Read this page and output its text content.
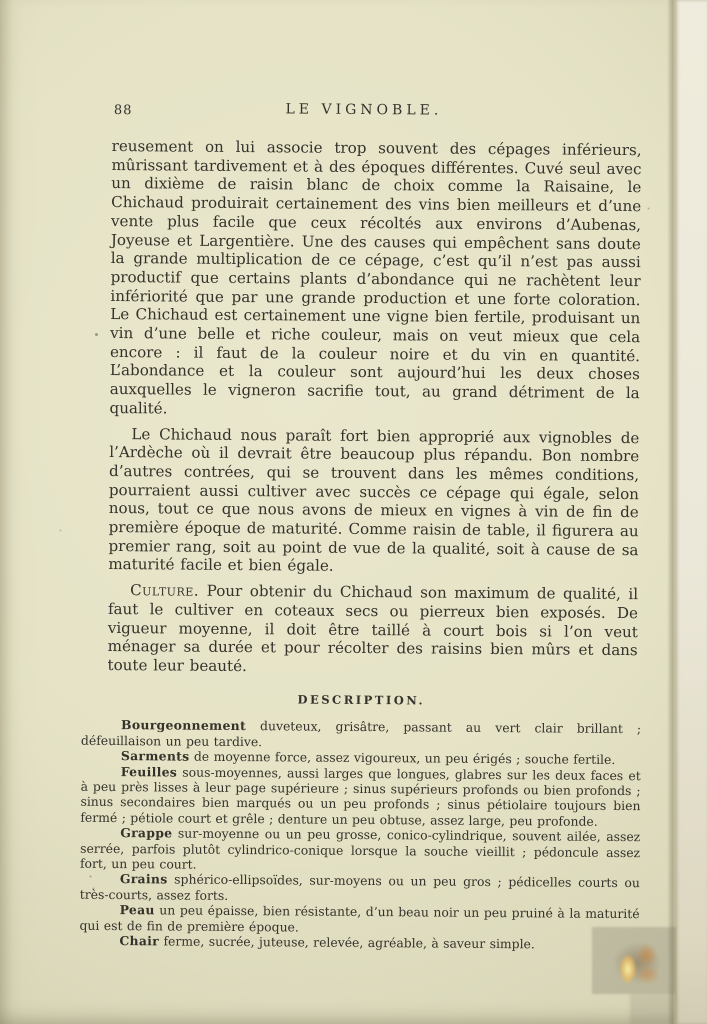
88	LE VIGNOBLE.

reusement on lui associe trop souvent des cépages inférieurs, mûrissant tardivement et à des époques différentes. Cuvé seul avec un dixième de raisin blanc de choix comme la Raisaine, le Chichaud produirait certainement des vins bien meilleurs et d’une vente plus facile que ceux récoltés aux environs d’Aubenas, Joyeuse et Largentière. Une des causes qui empêchent sans doute la grande multiplication de ce cépage, c’est qu’il n’est pas aussi productif que certains plants d’abondance qui ne rachètent leur infériorité que par une grande production et une forte coloration. Le Chichaud est certainement une vigne bien fertile, produisant un vin d’une belle et riche couleur, mais on veut mieux que cela encore : il faut de la couleur noire et du vin en quantité. L’abondance et la couleur sont aujourd’hui les deux choses auxquelles le vigneron sacrifie tout, au grand détriment de la qualité.

Le Chichaud nous paraît fort bien approprié aux vignobles de l’Ardèche où il devrait être beaucoup plus répandu. Bon nombre d’autres contrées, qui se trouvent dans les mêmes conditions, pourraient aussi cultiver avec succès ce cépage qui égale, selon nous, tout ce que nous avons de mieux en vignes à vin de fin de première époque de maturité. Comme raisin de table, il figurera au premier rang, soit au point de vue de la qualité, soit à cause de sa maturité facile et bien égale.

Culture. Pour obtenir du Chichaud son maximum de qualité, il faut le cultiver en coteaux secs ou pierreux bien exposés. De vigueur moyenne, il doit être taillé à court bois si l’on veut ménager sa durée et pour récolter des raisins bien mûrs et dans toute leur beauté.

DESCRIPTION.

Bourgeonnement duveteux, grisâtre, passant au vert clair brillant ; défeuillaison un peu tardive.

Sarments de moyenne force, assez vigoureux, un peu érigés ; souche fertile.

Feuilles sous-moyennes, aussi larges que longues, glabres sur les deux faces et à peu près lisses à leur page supérieure ; sinus supérieurs profonds ou bien profonds ; sinus secondaires bien marqués ou un peu profonds ; sinus pétiolaire toujours bien fermé ; pétiole court et grêle ; denture un peu obtuse, assez large, peu profonde.

Grappe sur-moyenne ou un peu grosse, conico-cylindrique, souvent ailée, assez serrée, parfois plutôt cylindrico-conique lorsque la souche vieillit ; pédoncule assez fort, un peu court.

Grains sphérico-ellipsoïdes, sur-moyens ou un peu gros ; pédicelles courts ou très-courts, assez forts.

Peau un peu épaisse, bien résistante, d’un beau noir un peu pruiné à la maturité qui est de fin de première époque.

Chair ferme, sucrée, juteuse, relevée, agréable, à saveur simple.
